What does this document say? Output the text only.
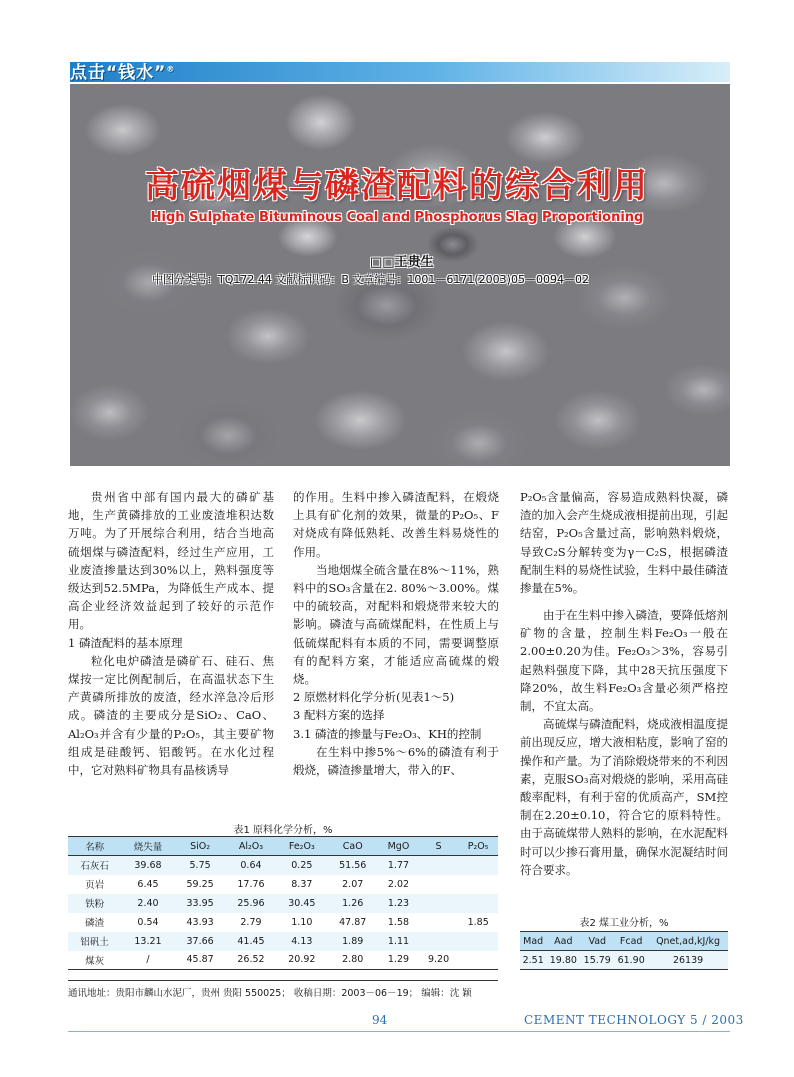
点击“钱水”®
高硫烟煤与磷渣配料的综合利用
High Sulphate Bituminous Coal and Phosphorus Slag Proportioning
□□王贵生
中图分类号：TQ172.44 文献标识码：B 文章编号：1001－6171(2003)05－0094－02

贵州省中部有国内最大的磷矿基地，生产黄磷排放的工业废渣堆积达数万吨。为了开展综合利用，结合当地高硫烟煤与磷渣配料，经过生产应用，工业废渣掺量达到30%以上，熟料强度等级达到52.5MPa，为降低生产成本、提高企业经济效益起到了较好的示范作用。

1 磷渣配料的基本原理

粒化电炉磷渣是磷矿石、硅石、焦煤按一定比例配制后，在高温状态下生产黄磷所排放的废渣，经水淬急冷后形成。磷渣的主要成分是SiO₂、CaO、Al₂O₃并含有少量的P₂O₅，其主要矿物组成是硅酸钙、铝酸钙。在水化过程中，它对熟料矿物具有晶核诱导

的作用。生料中掺入磷渣配料，在煅烧上具有矿化剂的效果，微量的P₂O₅、F对烧成有降低熟耗、改善生料易烧性的作用。

当地烟煤全硫含量在8%～11%，熟料中的SO₃含量在2. 80%～3.00%。煤中的硫较高，对配料和煅烧带来较大的影响。磷渣与高硫煤配料，在性质上与低硫煤配料有本质的不同，需要调整原有的配料方案，才能适应高硫煤的煅烧。

2 原燃材料化学分析(见表1～5)

3 配料方案的选择

3.1 磷渣的掺量与Fe₂O₃、KH的控制

在生料中掺5%～6%的磷渣有利于煅烧，磷渣掺量增大，带入的F、

P₂O₅含量偏高，容易造成熟料快凝，磷渣的加入会产生烧成液相提前出现，引起结窑，P₂O₅含量过高，影响熟料煅烧，导致C₂S分解转变为γ－C₂S，根据磷渣配制生料的易烧性试验，生料中最佳磷渣掺量在5%。

由于在生料中掺入磷渣，要降低熔剂矿物的含量，控制生料Fe₂O₃一般在2.00±0.20为佳。Fe₂O₃＞3%，容易引起熟料强度下降，其中28天抗压强度下降20%，故生料Fe₂O₃含量必须严格控制，不宜太高。

高硫煤与磷渣配料，烧成液相温度提前出现反应，增大液相粘度，影响了窑的操作和产量。为了消除煅烧带来的不利因素，克服SO₃高对煅烧的影响，采用高硅酸率配料，有利于窑的优质高产，SM控制在2.20±0.10，符合它的原料特性。由于高硫煤带人熟料的影响，在水泥配料时可以少掺石膏用量，确保水泥凝结时间符合要求。

表1 原料化学分析，%
名称	烧失量	SiO₂	Al₂O₃	Fe₂O₃	CaO	MgO	S	P₂O₅
石灰石	39.68	5.75	0.64	0.25	51.56	1.77		
页岩	6.45	59.25	17.76	8.37	2.07	2.02		
铁粉	2.40	33.95	25.96	30.45	1.26	1.23		
磷渣	0.54	43.93	2.79	1.10	47.87	1.58		1.85
铝矾土	13.21	37.66	41.45	4.13	1.89	1.11		
煤灰	/	45.87	26.52	20.92	2.80	1.29	9.20	
表2 煤工业分析，%
Mad	Aad	Vad	Fcad	Qnet,ad,kJ/kg
2.51	19.80	15.79	61.90	26139
通讯地址：贵阳市麟山水泥厂，贵州 贵阳 550025； 收稿日期：2003－06－19； 编辑：沈 颖
94	CEMENT TECHNOLOGY 5 / 2003
